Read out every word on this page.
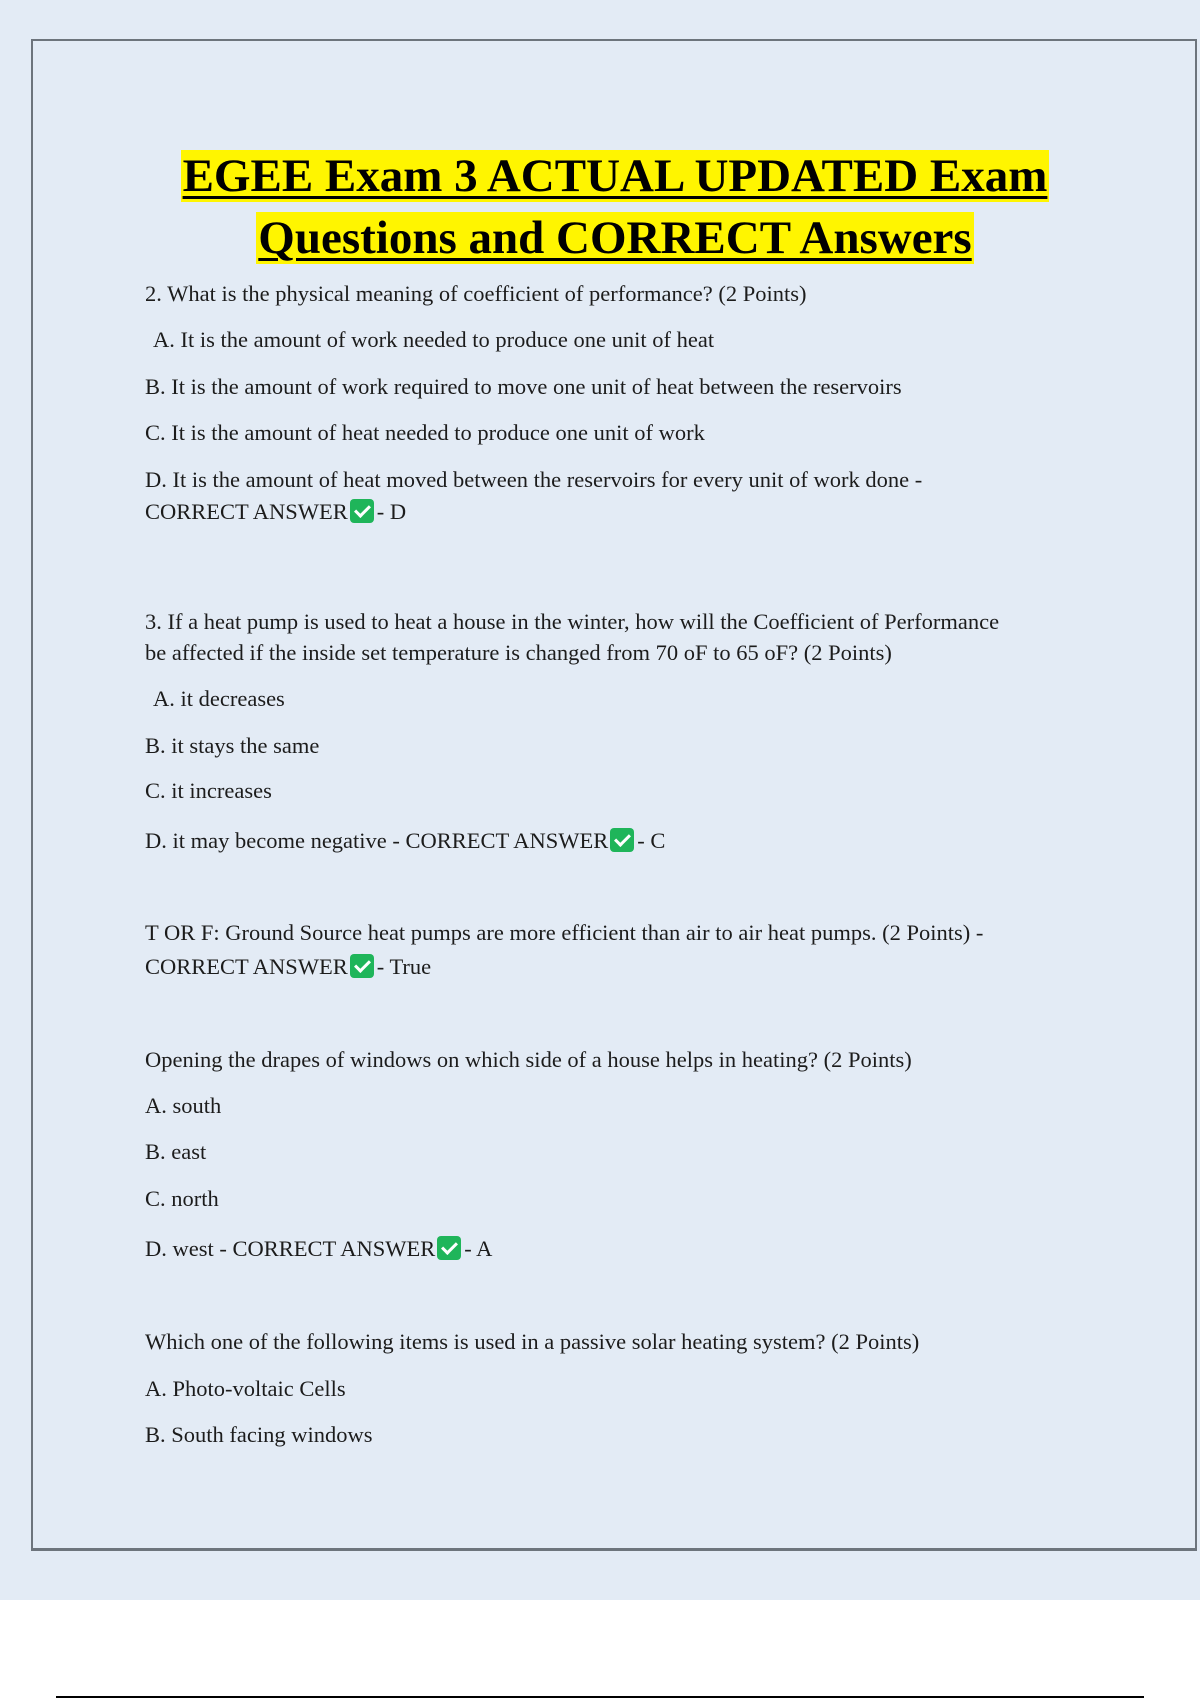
EGEE Exam 3 ACTUAL UPDATED Exam
Questions and CORRECT Answers
2. What is the physical meaning of coefficient of performance? (2 Points)
A. It is the amount of work needed to produce one unit of heat
B. It is the amount of work required to move one unit of heat between the reservoirs
C. It is the amount of heat needed to produce one unit of work
D. It is the amount of heat moved between the reservoirs for every unit of work done -
CORRECT ANSWER - D
3. If a heat pump is used to heat a house in the winter, how will the Coefficient of Performance
be affected if the inside set temperature is changed from 70 oF to 65 oF? (2 Points)
A. it decreases
B. it stays the same
C. it increases
D. it may become negative - CORRECT ANSWER - C
T OR F: Ground Source heat pumps are more efficient than air to air heat pumps. (2 Points) -
CORRECT ANSWER - True
Opening the drapes of windows on which side of a house helps in heating? (2 Points)
A. south
B. east
C. north
D. west - CORRECT ANSWER - A
Which one of the following items is used in a passive solar heating system? (2 Points)
A. Photo-voltaic Cells
B. South facing windows
